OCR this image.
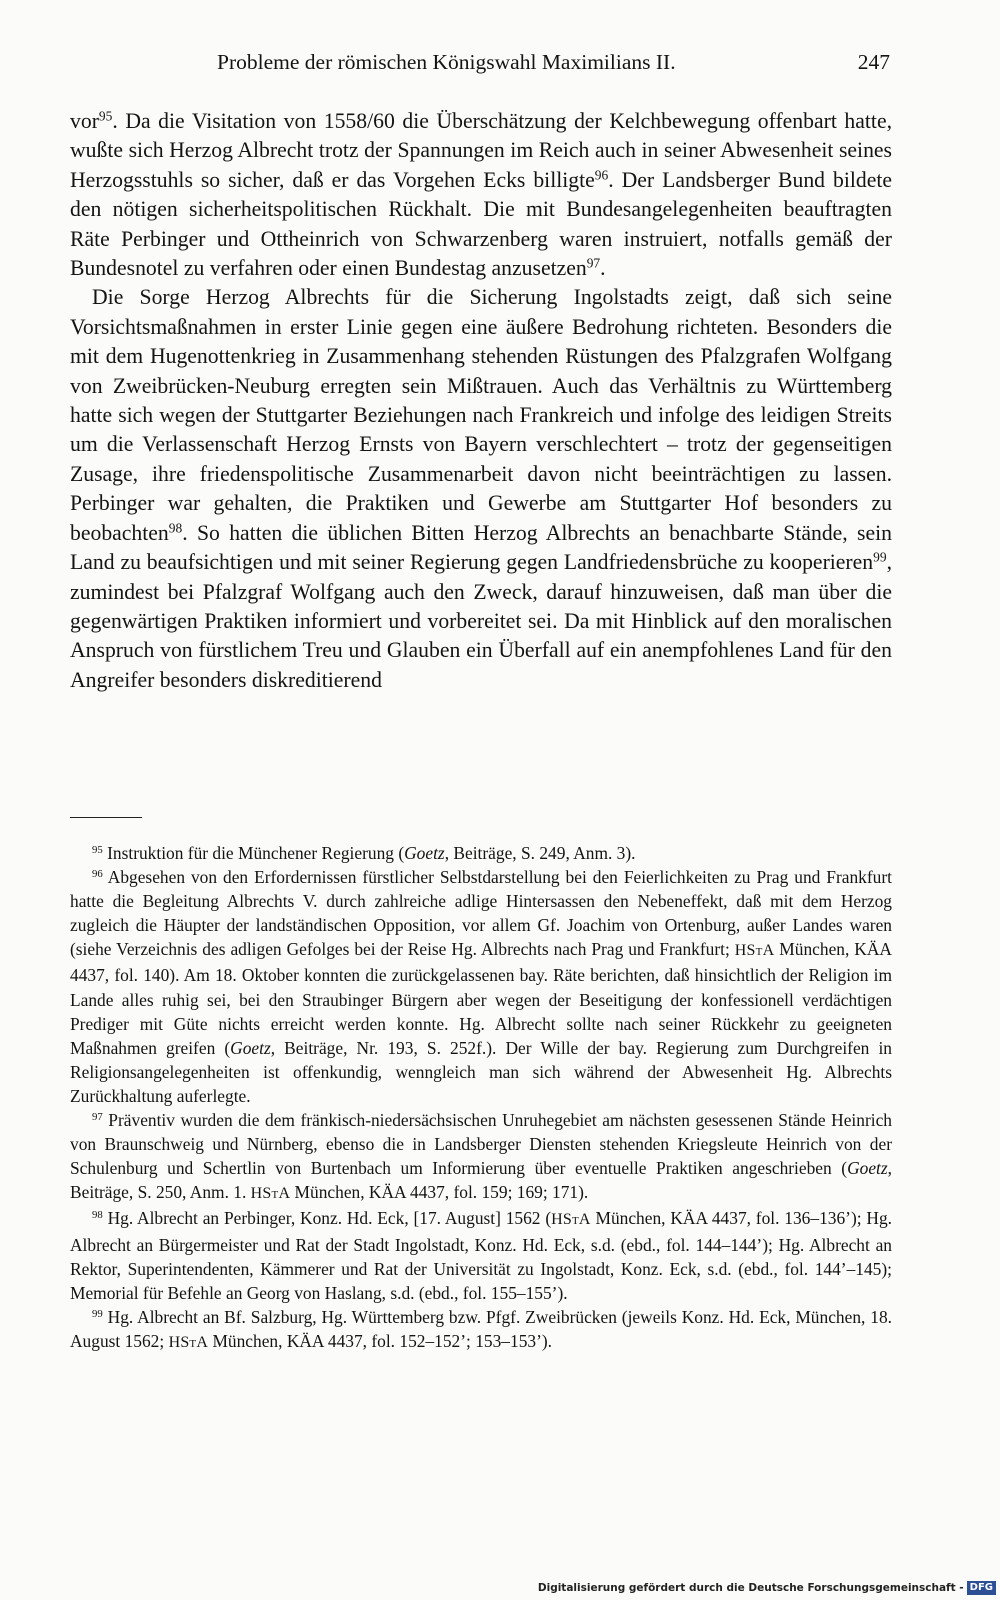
Probleme der römischen Königswahl Maximilians II.	247

vor$^{95}$. Da die Visitation von 1558/60 die Überschätzung der Kelchbewegung offenbart hatte, wußte sich Herzog Albrecht trotz der Spannungen im Reich auch in seiner Abwesenheit seines Herzogsstuhls so sicher, daß er das Vorgehen Ecks billigte$^{96}$. Der Landsberger Bund bildete den nötigen sicherheitspolitischen Rückhalt. Die mit Bundesangelegenheiten beauftragten Räte Perbinger und Ottheinrich von Schwarzenberg waren instruiert, notfalls gemäß der Bundesnotel zu verfahren oder einen Bundestag anzusetzen$^{97}$.

Die Sorge Herzog Albrechts für die Sicherung Ingolstadts zeigt, daß sich seine Vorsichtsmaßnahmen in erster Linie gegen eine äußere Bedrohung richteten. Besonders die mit dem Hugenottenkrieg in Zusammenhang stehenden Rüstungen des Pfalzgrafen Wolfgang von Zweibrücken-Neuburg erregten sein Mißtrauen. Auch das Verhältnis zu Württemberg hatte sich wegen der Stuttgarter Beziehungen nach Frankreich und infolge des leidigen Streits um die Verlassenschaft Herzog Ernsts von Bayern verschlechtert – trotz der gegenseitigen Zusage, ihre friedenspolitische Zusammenarbeit davon nicht beeinträchtigen zu lassen. Perbinger war gehalten, die Praktiken und Gewerbe am Stuttgarter Hof besonders zu beobachten$^{98}$. So hatten die üblichen Bitten Herzog Albrechts an benachbarte Stände, sein Land zu beaufsichtigen und mit seiner Regierung gegen Landfriedensbrüche zu kooperieren$^{99}$, zumindest bei Pfalzgraf Wolfgang auch den Zweck, darauf hinzuweisen, daß man über die gegenwärtigen Praktiken informiert und vorbereitet sei. Da mit Hinblick auf den moralischen Anspruch von fürstlichem Treu und Glauben ein Überfall auf ein anempfohlenes Land für den Angreifer besonders diskreditierend

$^{95}$ Instruktion für die Münchener Regierung (Goetz, Beiträge, S. 249, Anm. 3).

$^{96}$ Abgesehen von den Erfordernissen fürstlicher Selbstdarstellung bei den Feierlichkeiten zu Prag und Frankfurt hatte die Begleitung Albrechts V. durch zahlreiche adlige Hintersassen den Nebeneffekt, daß mit dem Herzog zugleich die Häupter der landständischen Opposition, vor allem Gf. Joachim von Ortenburg, außer Landes waren (siehe Verzeichnis des adligen Gefolges bei der Reise Hg. Albrechts nach Prag und Frankfurt; HStA München, KÄA 4437, fol. 140). Am 18. Oktober konnten die zurückgelassenen bay. Räte berichten, daß hinsichtlich der Religion im Lande alles ruhig sei, bei den Straubinger Bürgern aber wegen der Beseitigung der konfessionell verdächtigen Prediger mit Güte nichts erreicht werden konnte. Hg. Albrecht sollte nach seiner Rückkehr zu geeigneten Maßnahmen greifen (Goetz, Beiträge, Nr. 193, S. 252f.). Der Wille der bay. Regierung zum Durchgreifen in Religionsangelegenheiten ist offenkundig, wenngleich man sich während der Abwesenheit Hg. Albrechts Zurückhaltung auferlegte.

$^{97}$ Präventiv wurden die dem fränkisch-niedersächsischen Unruhegebiet am nächsten gesessenen Stände Heinrich von Braunschweig und Nürnberg, ebenso die in Landsberger Diensten stehenden Kriegsleute Heinrich von der Schulenburg und Schertlin von Burtenbach um Informierung über eventuelle Praktiken angeschrieben (Goetz, Beiträge, S. 250, Anm. 1. HStA München, KÄA 4437, fol. 159; 169; 171).

$^{98}$ Hg. Albrecht an Perbinger, Konz. Hd. Eck, [17. August] 1562 (HStA München, KÄA 4437, fol. 136–136’); Hg. Albrecht an Bürgermeister und Rat der Stadt Ingolstadt, Konz. Hd. Eck, s.d. (ebd., fol. 144–144’); Hg. Albrecht an Rektor, Superintendenten, Kämmerer und Rat der Universität zu Ingolstadt, Konz. Eck, s.d. (ebd., fol. 144’–145); Memorial für Befehle an Georg von Haslang, s.d. (ebd., fol. 155–155’).

$^{99}$ Hg. Albrecht an Bf. Salzburg, Hg. Württemberg bzw. Pfgf. Zweibrücken (jeweils Konz. Hd. Eck, München, 18. August 1562; HStA München, KÄA 4437, fol. 152–152’; 153–153’).

Digitalisierung gefördert durch die Deutsche Forschungsgemeinschaft - DFG
